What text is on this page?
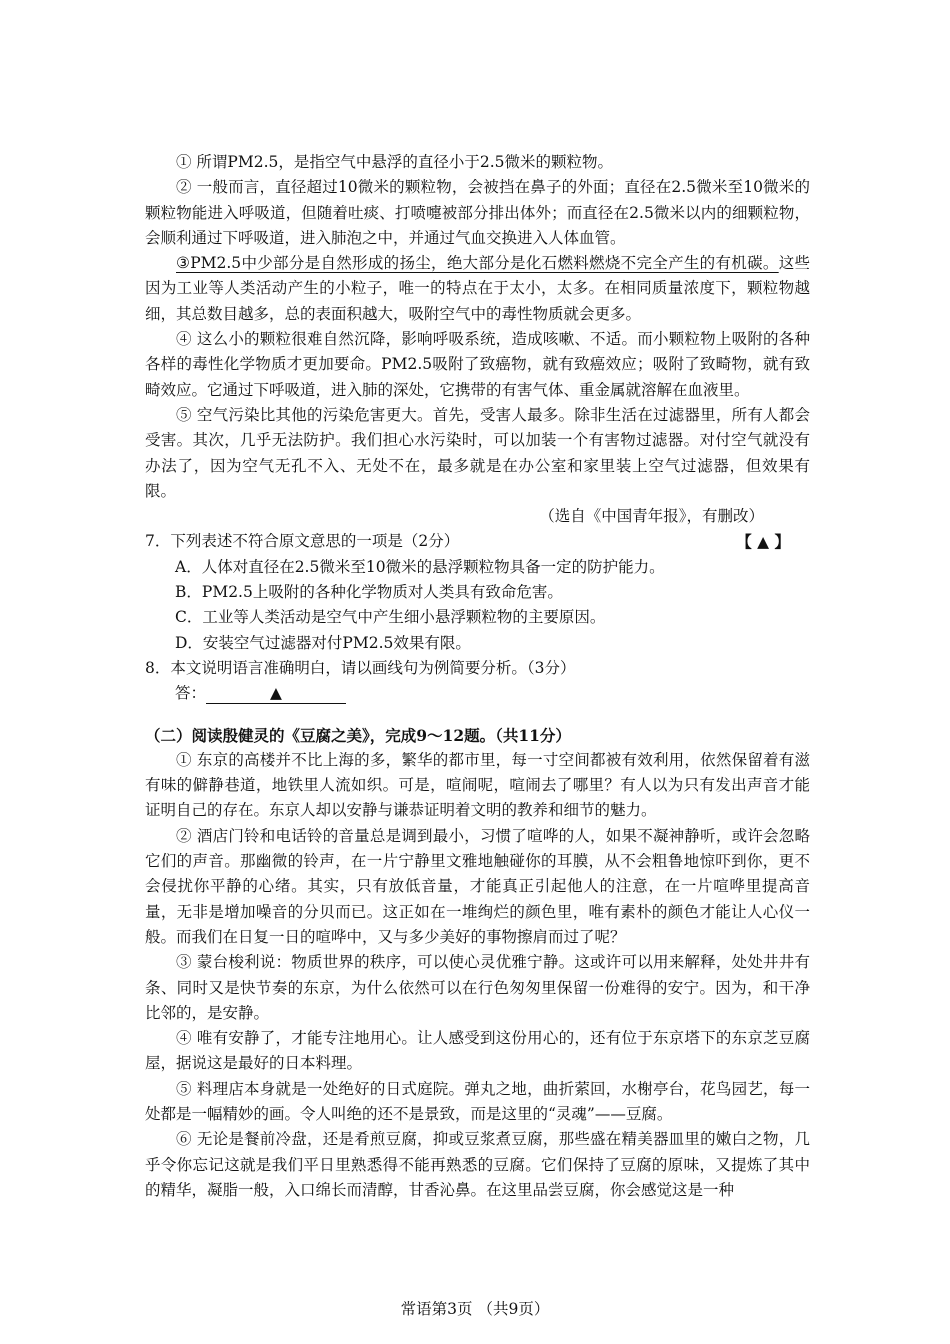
① 所谓PM2.5，是指空气中悬浮的直径小于2.5微米的颗粒物。

② 一般而言，直径超过10微米的颗粒物，会被挡在鼻子的外面；直径在2.5微米至10微米的颗粒物能进入呼吸道，但随着吐痰、打喷嚏被部分排出体外；而直径在2.5微米以内的细颗粒物，会顺利通过下呼吸道，进入肺泡之中，并通过气血交换进入人体血管。

③PM2.5中少部分是自然形成的扬尘，绝大部分是化石燃料燃烧不完全产生的有机碳。这些因为工业等人类活动产生的小粒子，唯一的特点在于太小，太多。在相同质量浓度下，颗粒物越细，其总数目越多，总的表面积越大，吸附空气中的毒性物质就会更多。

④ 这么小的颗粒很难自然沉降，影响呼吸系统，造成咳嗽、不适。而小颗粒物上吸附的各种各样的毒性化学物质才更加要命。PM2.5吸附了致癌物，就有致癌效应；吸附了致畸物，就有致畸效应。它通过下呼吸道，进入肺的深处，它携带的有害气体、重金属就溶解在血液里。

⑤ 空气污染比其他的污染危害更大。首先，受害人最多。除非生活在过滤器里，所有人都会受害。其次，几乎无法防护。我们担心水污染时，可以加装一个有害物过滤器。对付空气就没有办法了，因为空气无孔不入、无处不在，最多就是在办公室和家里装上空气过滤器，但效果有限。

（选自《中国青年报》，有删改）

7．下列表述不符合原文意思的一项是（2分）	【 ▲ 】

A．人体对直径在2.5微米至10微米的悬浮颗粒物具备一定的防护能力。

B．PM2.5上吸附的各种化学物质对人类具有致命危害。

C．工业等人类活动是空气中产生细小悬浮颗粒物的主要原因。

D．安装空气过滤器对付PM2.5效果有限。

8．本文说明语言准确明白，请以画线句为例简要分析。（3分）

答：	▲

（二）阅读殷健灵的《豆腐之美》，完成9～12题。（共11分）

① 东京的高楼并不比上海的多，繁华的都市里，每一寸空间都被有效利用，依然保留着有滋有味的僻静巷道，地铁里人流如织。可是，喧闹呢，喧闹去了哪里？有人以为只有发出声音才能证明自己的存在。东京人却以安静与谦恭证明着文明的教养和细节的魅力。

② 酒店门铃和电话铃的音量总是调到最小，习惯了喧哗的人，如果不凝神静听，或许会忽略它们的声音。那幽微的铃声，在一片宁静里文雅地触碰你的耳膜，从不会粗鲁地惊吓到你，更不会侵扰你平静的心绪。其实，只有放低音量，才能真正引起他人的注意，在一片喧哗里提高音量，无非是增加噪音的分贝而已。这正如在一堆绚烂的颜色里，唯有素朴的颜色才能让人心仪一般。而我们在日复一日的喧哗中，又与多少美好的事物擦肩而过了呢？

③ 蒙台梭利说：物质世界的秩序，可以使心灵优雅宁静。这或许可以用来解释，处处井井有条、同时又是快节奏的东京，为什么依然可以在行色匆匆里保留一份难得的安宁。因为，和干净比邻的，是安静。

④ 唯有安静了，才能专注地用心。让人感受到这份用心的，还有位于东京塔下的东京芝豆腐屋，据说这是最好的日本料理。

⑤ 料理店本身就是一处绝好的日式庭院。弹丸之地，曲折萦回，水榭亭台，花鸟园艺，每一处都是一幅精妙的画。令人叫绝的还不是景致，而是这里的“灵魂”——豆腐。

⑥ 无论是餐前冷盘，还是肴煎豆腐，抑或豆浆煮豆腐，那些盛在精美器皿里的嫩白之物，几乎令你忘记这就是我们平日里熟悉得不能再熟悉的豆腐。它们保持了豆腐的原味，又提炼了其中的精华，凝脂一般，入口绵长而清醇，甘香沁鼻。在这里品尝豆腐，你会感觉这是一种

常语第3页 （共9页）
